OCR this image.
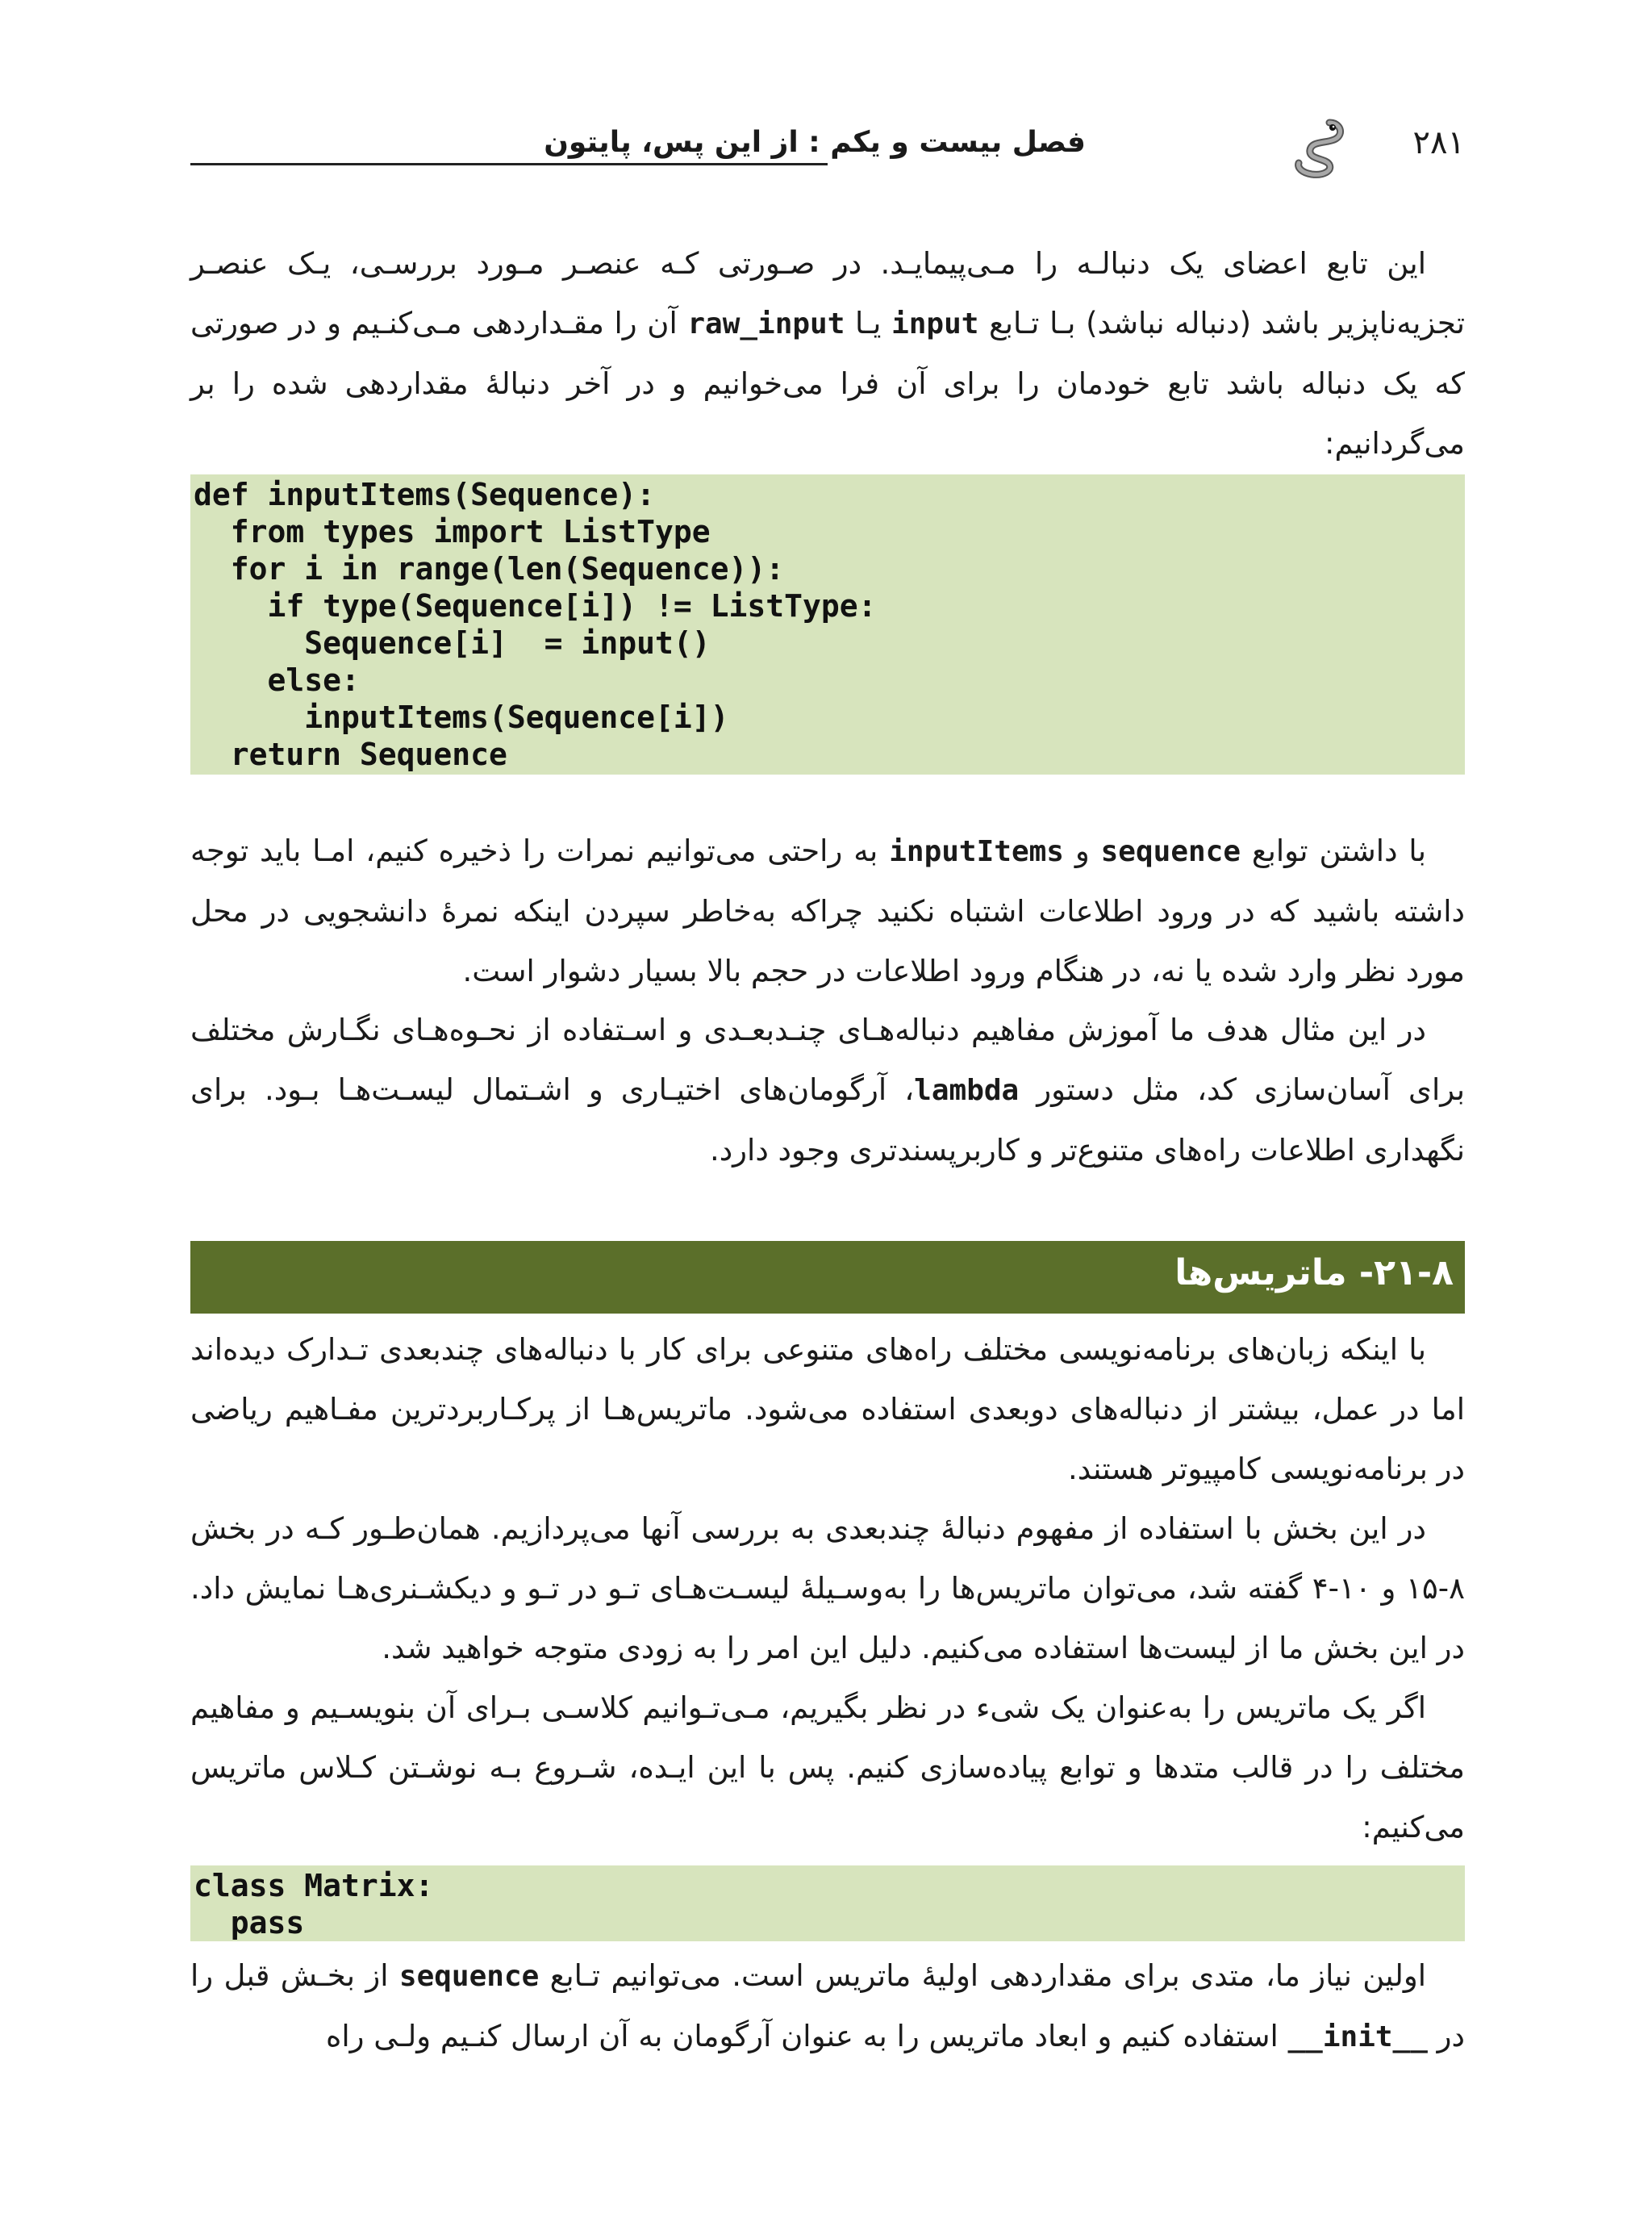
فصل بیست و یکم : از این پس، پایتون	۲۸۱

این تابع اعضای یک دنبالـه را مـی‌پیمایـد. در صـورتی کـه عنصـر مـورد بررسـی، یـک عنصـر تجزیه‌ناپزیر باشد (دنباله نباشد) بـا تـابع input یـا raw_input آن را مقـداردهی مـی‌کنـیم و در صورتی که یک دنباله باشد تابع خودمان را برای آن فرا می‌خوانیم و در آخر دنبالهٔ مقداردهی شده را بر می‌گردانیم:

def inputItems(Sequence):
from types import ListType
for i in range(len(Sequence)):
if type(Sequence[i]) != ListType:
Sequence[i]  = input()
else:
inputItems(Sequence[i])
return Sequence

با داشتن توابع sequence و inputItems به راحتی می‌توانیم نمرات را ذخیره کنیم، امـا باید توجه داشته باشید که در ورود اطلاعات اشتباه نکنید چراکه به‌خاطر سپردن اینکه نمرهٔ دانشجویی در محل مورد نظر وارد شده یا نه، در هنگام ورود اطلاعات در حجم بالا بسیار دشوار است.

در این مثال هدف ما آموزش مفاهیم دنباله‌هـای چنـدبعـدی و اسـتفاده از نحـوه‌هـای نگـارش مختلف برای آسان‌سازی کد، مثل دستور lambda، آرگومان‌های اختیـاری و اشـتمال لیسـت‌هـا بـود. برای نگهداری اطلاعات راه‌های متنوع‌تر و کاربرپسندتری وجود دارد.

۲۱-۸- ماتریس‌ها

با اینکه زبان‌های برنامه‌نویسی مختلف راه‌های متنوعی برای کار با دنباله‌های چندبعدی تـدارک دیده‌اند اما در عمل، بیشتر از دنباله‌های دوبعدی استفاده می‌شود. ماتریس‌هـا از پرکـاربردترین مفـاهیم ریاضی در برنامه‌نویسی کامپیوتر هستند.

در این بخش با استفاده از مفهوم دنبالهٔ چندبعدی به بررسی آنها می‌پردازیم. همان‌طـور کـه در بخش ۸-۱۵ و ۱۰-۴ گفته شد، می‌توان ماتریس‌ها را به‌وسـیلهٔ لیسـت‌هـای تـو در تـو و دیکشـنری‌هـا نمایش داد. در این بخش ما از لیست‌ها استفاده می‌کنیم. دلیل این امر را به زودی متوجه خواهید شد.

اگر یک ماتریس را به‌عنوان یک شیء در نظر بگیریم، مـی‌تـوانیم کلاسـی بـرای آن بنویسـیم و مفاهیم مختلف را در قالب متدها و توابع پیاده‌سازی کنیم. پس با این ایـده، شـروع بـه نوشـتن کـلاس ماتریس می‌کنیم:

class Matrix:
pass

اولین نیاز ما، متدی برای مقداردهی اولیهٔ ماتریس است. می‌توانیم تـابع sequence از بخـش قبل را در __init__ استفاده کنیم و ابعاد ماتریس را به عنوان آرگومان به آن ارسال کنـیم ولـی راه
